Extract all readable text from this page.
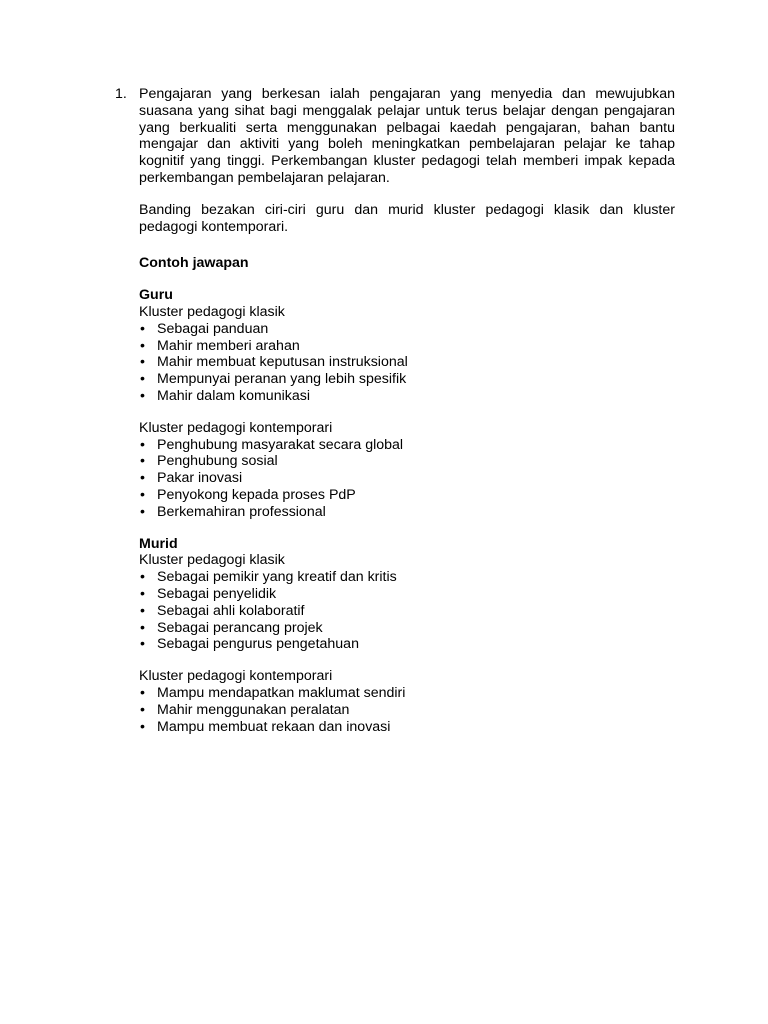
1. Pengajaran yang berkesan ialah pengajaran yang menyedia dan mewujubkan suasana yang sihat bagi menggalak pelajar untuk terus belajar dengan pengajaran yang berkualiti serta menggunakan pelbagai kaedah pengajaran, bahan bantu mengajar dan aktiviti yang boleh meningkatkan pembelajaran pelajar ke tahap kognitif yang tinggi. Perkembangan kluster pedagogi telah memberi impak kepada perkembangan pembelajaran pelajaran.

Banding bezakan ciri-ciri guru dan murid kluster pedagogi klasik dan kluster pedagogi kontemporari.

Contoh jawapan

Guru

Kluster pedagogi klasik

• Sebagai panduan
• Mahir memberi arahan
• Mahir membuat keputusan instruksional
• Mempunyai peranan yang lebih spesifik
• Mahir dalam komunikasi

Kluster pedagogi kontemporari

• Penghubung masyarakat secara global
• Penghubung sosial
• Pakar inovasi
• Penyokong kepada proses PdP
• Berkemahiran professional

Murid

Kluster pedagogi klasik

• Sebagai pemikir yang kreatif dan kritis
• Sebagai penyelidik
• Sebagai ahli kolaboratif
• Sebagai perancang projek
• Sebagai pengurus pengetahuan

Kluster pedagogi kontemporari

• Mampu mendapatkan maklumat sendiri
• Mahir menggunakan peralatan
• Mampu membuat rekaan dan inovasi
